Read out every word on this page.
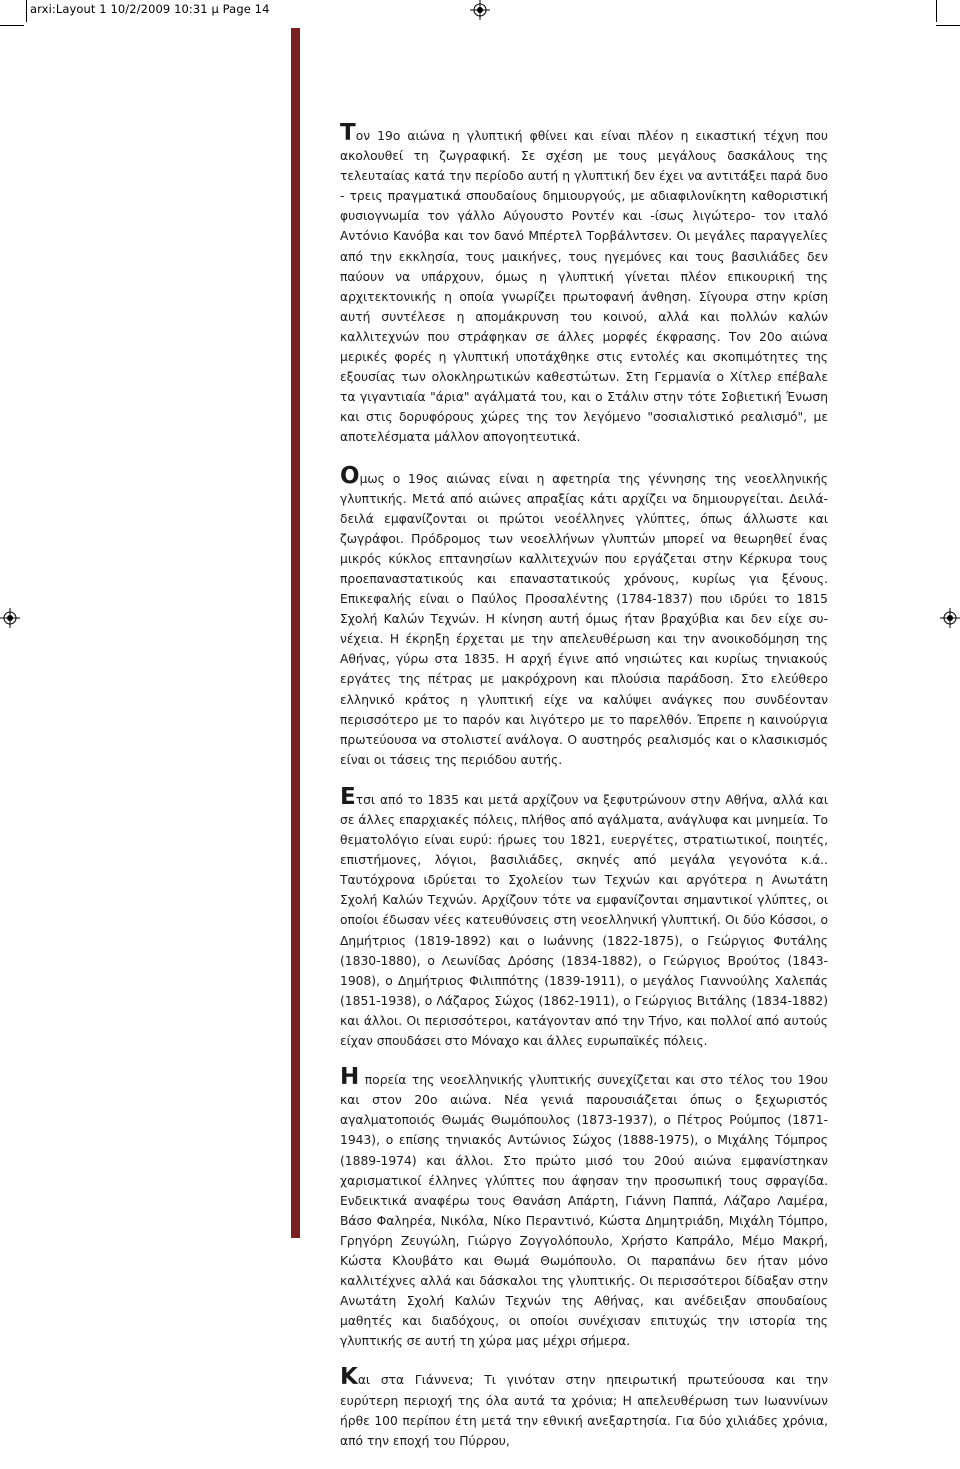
arxi:Layout 1 10/2/2009 10:31 μ Page 14

Τον 19ο αιώνα η γλυπτική φθίνει και είναι πλέον η εικαστική τέχνη που ακολουθεί τη ζωγραφική. Σε σχέση με τους μεγάλους δασκάλους της τελευταίας κατά την περίοδο αυτή η γλυπτική δεν έχει να αντιτάξει παρά δυο - τρεις πραγματικά σπουδαίους δημιουργούς, με αδιαφιλονίκητη καθοριστική φυσιογνωμία τον γάλλο Αύγουστο Ροντέν και -ίσως λιγώτερο- τον ιταλό Αντόνιο Κανόβα και τον δανό Μπέρτελ Τορβάλντσεν. Οι μεγάλες παραγγελίες από την εκκλησία, τους μαικήνες, τους ηγεμόνες και τους βασιλιάδες δεν παύουν να υπάρχουν, όμως η γλυπτική γίνεται πλέον επικουρική της αρχιτεκτονικής η οποία γνωρίζει πρωτοφανή άνθηση. Σίγουρα στην κρίση αυτή συντέλεσε η απομάκρυνση του κοινού, αλλά και πολλών καλών καλλιτεχνών που στράφηκαν σε άλλες μορφές έκφρασης. Τον 20ο αιώνα μερικές φορές η γλυπτική υποτάχθηκε στις εντολές και σκοπιμότητες της εξουσίας των ολοκληρωτικών καθεστώτων. Στη Γερμανία ο Χίτλερ επέβαλε τα γιγαντιαία "άρια" αγάλματά του, και ο Στάλιν στην τότε Σοβιετική Ένωση και στις δορυφόρους χώρες της τον λεγόμενο "σοσιαλιστικό ρεαλισμό", με αποτελέσματα μάλλον απογοητευτικά.

Ομως ο 19ος αιώνας είναι η αφετηρία της γέννησης της νεοελληνικής γλυπτικής. Μετά από αιώνες απραξίας κάτι αρχίζει να δημιουργείται. Δειλά-δειλά εμφανίζονται οι πρώτοι νεοέλληνες γλύπτες, όπως άλλωστε και ζωγράφοι. Πρόδρομος των νεοελλήνων γλυπτών μπορεί να θεωρηθεί ένας μικρός κύκλος επτανησίων καλλιτεχνών που εργάζεται στην Κέρκυρα τους προεπαναστατικούς και επαναστατικούς χρόνους, κυρίως για ξένους. Επικεφαλής είναι ο Παύλος Προσαλέντης (1784-1837) που ιδρύει το 1815 Σχολή Καλών Τεχνών. Η κίνηση αυτή όμως ήταν βραχύβια και δεν είχε συνέχεια. Η έκρηξη έρχεται με την απελευθέρωση και την ανοικοδόμηση της Αθήνας, γύρω στα 1835. Η αρχή έγινε από νησιώτες και κυρίως τηνιακούς εργάτες της πέτρας με μακρόχρονη και πλούσια παράδοση. Στο ελεύθερο ελληνικό κράτος η γλυπτική είχε να καλύψει ανάγκες που συνδέονταν περισσότερο με το παρόν και λιγότερο με το παρελθόν. Έπρεπε η καινούργια πρωτεύουσα να στολιστεί ανάλογα. Ο αυστηρός ρεαλισμός και ο κλασικισμός είναι οι τάσεις της περιόδου αυτής.

Ετσι από το 1835 και μετά αρχίζουν να ξεφυτρώνουν στην Αθήνα, αλλά και σε άλλες επαρχιακές πόλεις, πλήθος από αγάλματα, ανάγλυφα και μνημεία. Το θεματολόγιο είναι ευρύ: ήρωες του 1821, ευεργέτες, στρατιωτικοί, ποιητές, επιστήμονες, λόγιοι, βασιλιάδες, σκηνές από μεγάλα γεγονότα κ.ά.. Ταυτόχρονα ιδρύεται το Σχολείον των Τεχνών και αργότερα η Ανωτάτη Σχολή Καλών Τεχνών. Αρχίζουν τότε να εμφανίζονται σημαντικοί γλύπτες, οι οποίοι έδωσαν νέες κατευθύνσεις στη νεοελληνική γλυπτική. Οι δύο Κόσσοι, ο Δημήτριος (1819-1892) και ο Ιωάννης (1822-1875), ο Γεώργιος Φυτάλης (1830-1880), ο Λεωνίδας Δρόσης (1834-1882), ο Γεώργιος Βρούτος (1843-1908), ο Δημήτριος Φιλιππότης (1839-1911), ο μεγάλος Γιαννούλης Χαλεπάς (1851-1938), ο Λάζαρος Σώχος (1862-1911), ο Γεώργιος Βιτάλης (1834-1882) και άλλοι. Οι περισσότεροι, κατάγονταν από την Τήνο, και πολλοί από αυτούς είχαν σπουδάσει στο Μόναχο και άλλες ευρωπαϊκές πόλεις.

Η πορεία της νεοελληνικής γλυπτικής συνεχίζεται και στο τέλος του 19ου και στον 20ο αιώνα. Νέα γενιά παρουσιάζεται όπως ο ξεχωριστός αγαλματοποιός Θωμάς Θωμόπουλος (1873-1937), ο Πέτρος Ρούμπος (1871-1943), ο επίσης τηνιακός Αντώνιος Σώχος (1888-1975), ο Μιχάλης Τόμπρος (1889-1974) και άλλοι. Στο πρώτο μισό του 20ού αιώνα εμφανίστηκαν χαρισματικοί έλληνες γλύπτες που άφησαν την προσωπική τους σφραγίδα. Ενδεικτικά αναφέρω τους Θανάση Απάρτη, Γιάννη Παππά, Λάζαρο Λαμέρα, Βάσο Φαληρέα, Νικόλα, Νίκο Περαντινό, Κώστα Δημητριάδη, Μιχάλη Τόμπρο, Γρηγόρη Ζευγώλη, Γιώργο Ζογγολόπουλο, Χρήστο Καπράλο, Μέμο Μακρή, Κώστα Κλουβάτο και Θωμά Θωμόπουλο. Οι παραπάνω δεν ήταν μόνο καλλιτέχνες αλλά και δάσκαλοι της γλυπτικής. Οι περισσότεροι δίδαξαν στην Ανωτάτη Σχολή Καλών Τεχνών της Αθήνας, και ανέδειξαν σπουδαίους μαθητές και διαδόχους, οι οποίοι συνέχισαν επιτυχώς την ιστορία της γλυπτικής σε αυτή τη χώρα μας μέχρι σήμερα.

Και στα Γιάννενα; Τι γινόταν στην ηπειρωτική πρωτεύουσα και την ευρύτερη περιοχή της όλα αυτά τα χρόνια; Η απελευθέρωση των Ιωαννίνων ήρθε 100 περίπου έτη μετά την εθνική ανεξαρτησία. Για δύο χιλιάδες χρόνια, από την εποχή του Πύρρου,
